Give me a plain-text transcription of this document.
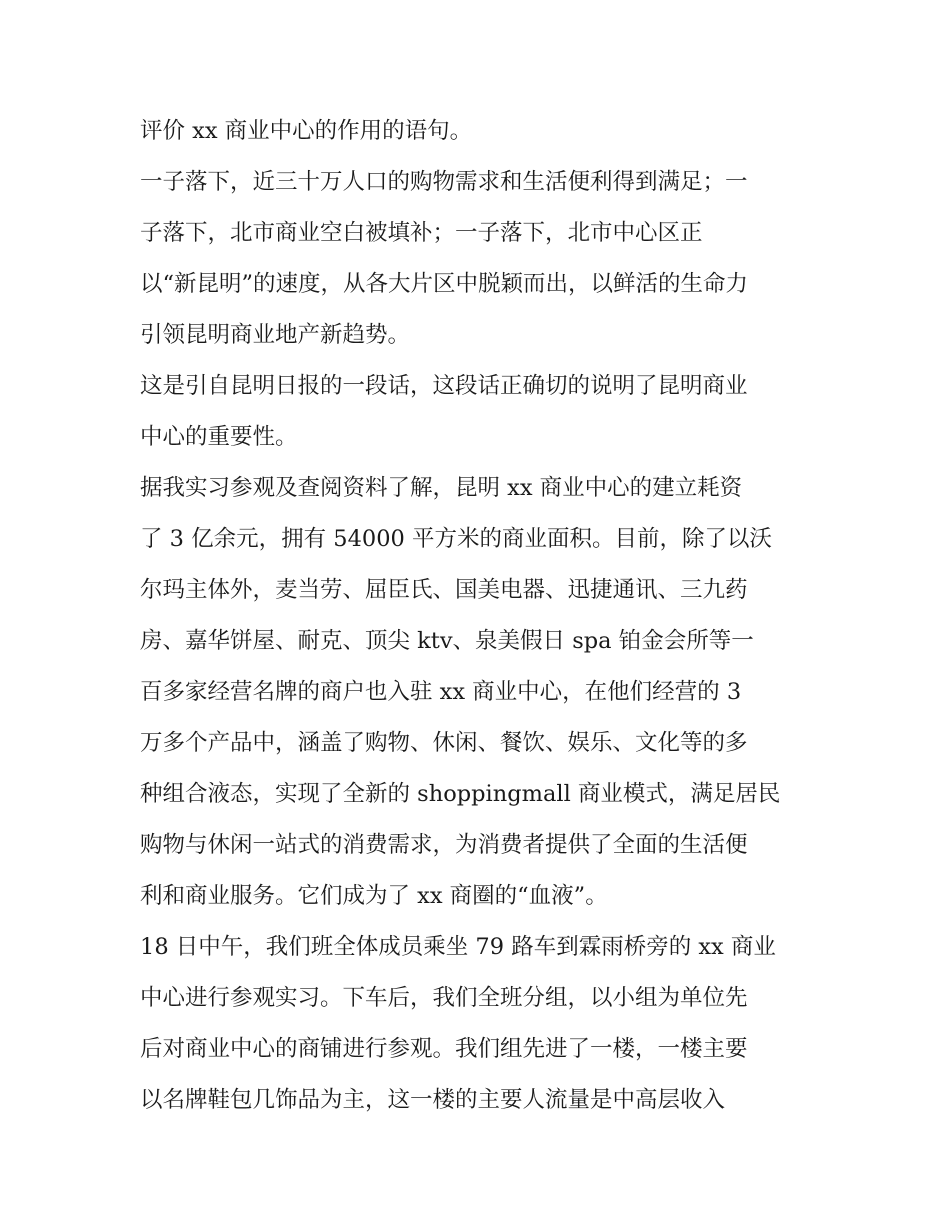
评价 xx 商业中心的作用的语句。
一子落下，近三十万人口的购物需求和生活便利得到满足；一
子落下，北市商业空白被填补；一子落下，北市中心区正
以“新昆明”的速度，从各大片区中脱颖而出，以鲜活的生命力
引领昆明商业地产新趋势。
这是引自昆明日报的一段话，这段话正确切的说明了昆明商业
中心的重要性。
据我实习参观及查阅资料了解，昆明 xx 商业中心的建立耗资
了 3 亿余元，拥有 54000 平方米的商业面积。目前，除了以沃
尔玛主体外，麦当劳、屈臣氏、国美电器、迅捷通讯、三九药
房、嘉华饼屋、耐克、顶尖 ktv、泉美假日 spa 铂金会所等一
百多家经营名牌的商户也入驻 xx 商业中心，在他们经营的 3
万多个产品中，涵盖了购物、休闲、餐饮、娱乐、文化等的多
种组合液态，实现了全新的 shoppingmall 商业模式，满足居民
购物与休闲一站式的消费需求，为消费者提供了全面的生活便
利和商业服务。它们成为了 xx 商圈的“血液”。
18 日中午，我们班全体成员乘坐 79 路车到霖雨桥旁的 xx 商业
中心进行参观实习。下车后，我们全班分组，以小组为单位先
后对商业中心的商铺进行参观。我们组先进了一楼，一楼主要
以名牌鞋包几饰品为主，这一楼的主要人流量是中高层收入
